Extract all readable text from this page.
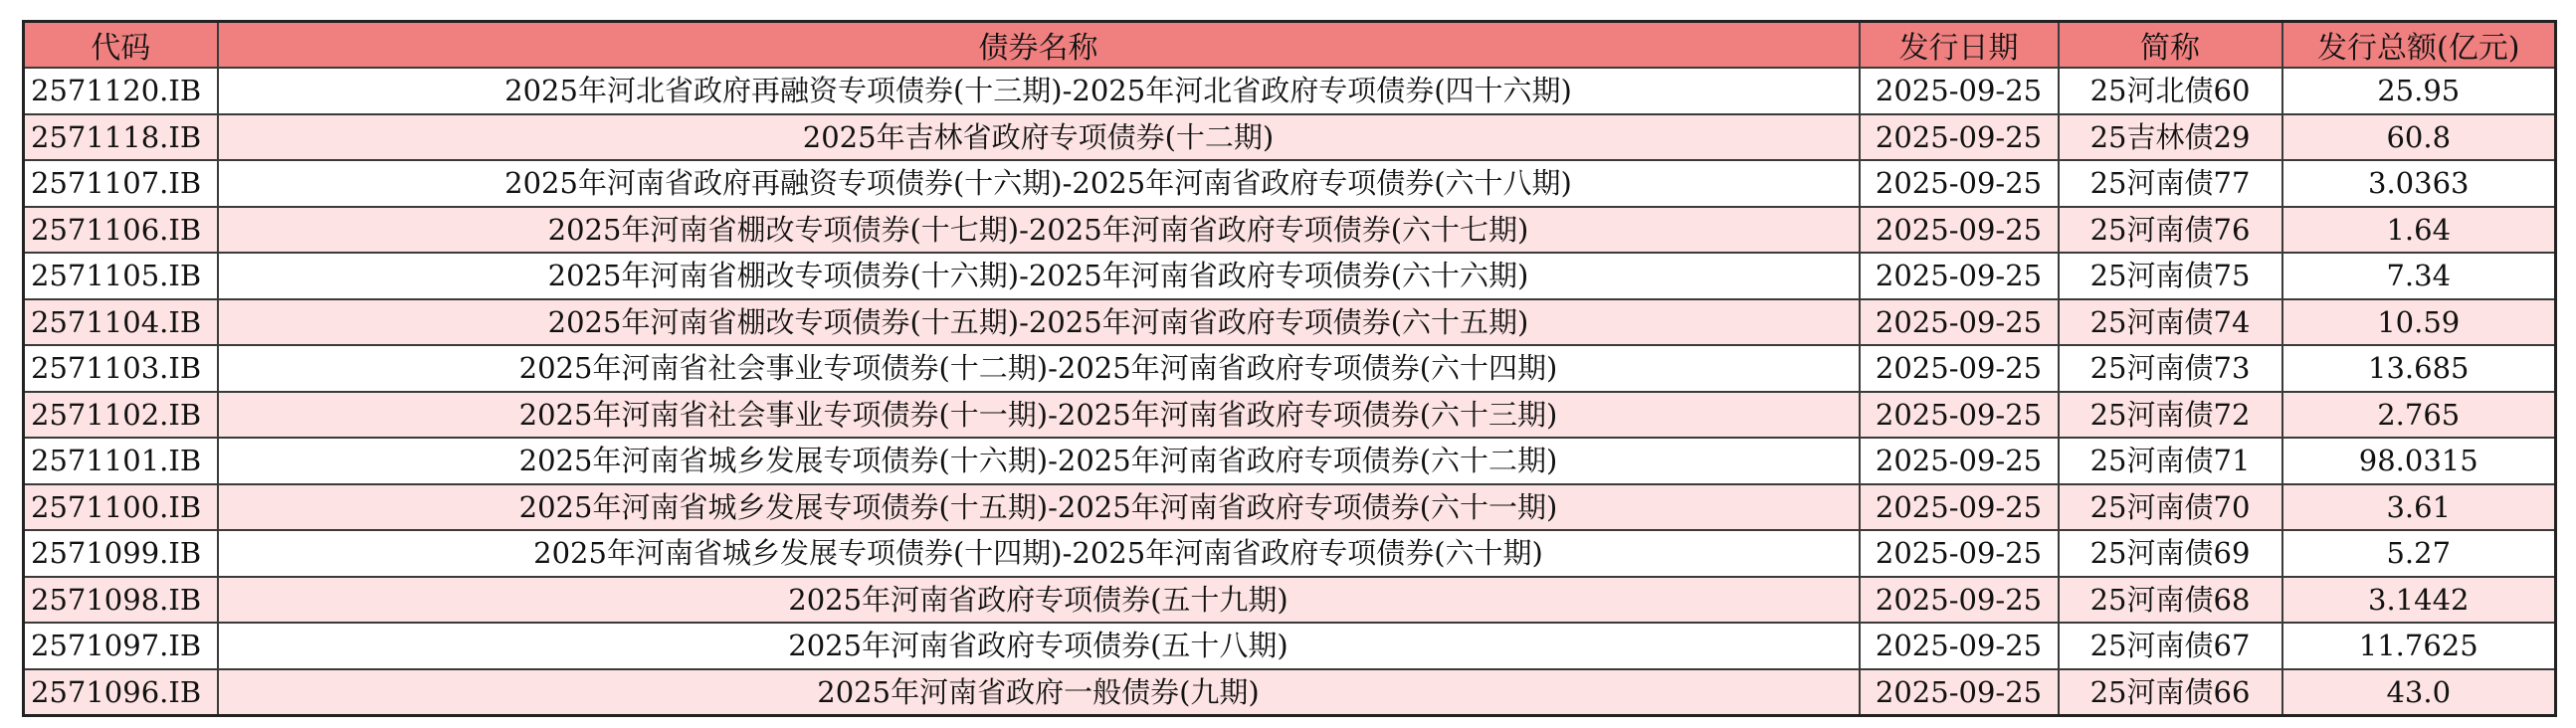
代码	债券名称	发行日期	简称	发行总额(亿元)
2571120.IB	2025年河北省政府再融资专项债券(十三期)-2025年河北省政府专项债券(四十六期)	2025-09-25	25河北债60	25.95
2571118.IB	2025年吉林省政府专项债券(十二期)	2025-09-25	25吉林债29	60.8
2571107.IB	2025年河南省政府再融资专项债券(十六期)-2025年河南省政府专项债券(六十八期)	2025-09-25	25河南债77	3.0363
2571106.IB	2025年河南省棚改专项债券(十七期)-2025年河南省政府专项债券(六十七期)	2025-09-25	25河南债76	1.64
2571105.IB	2025年河南省棚改专项债券(十六期)-2025年河南省政府专项债券(六十六期)	2025-09-25	25河南债75	7.34
2571104.IB	2025年河南省棚改专项债券(十五期)-2025年河南省政府专项债券(六十五期)	2025-09-25	25河南债74	10.59
2571103.IB	2025年河南省社会事业专项债券(十二期)-2025年河南省政府专项债券(六十四期)	2025-09-25	25河南债73	13.685
2571102.IB	2025年河南省社会事业专项债券(十一期)-2025年河南省政府专项债券(六十三期)	2025-09-25	25河南债72	2.765
2571101.IB	2025年河南省城乡发展专项债券(十六期)-2025年河南省政府专项债券(六十二期)	2025-09-25	25河南债71	98.0315
2571100.IB	2025年河南省城乡发展专项债券(十五期)-2025年河南省政府专项债券(六十一期)	2025-09-25	25河南债70	3.61
2571099.IB	2025年河南省城乡发展专项债券(十四期)-2025年河南省政府专项债券(六十期)	2025-09-25	25河南债69	5.27
2571098.IB	2025年河南省政府专项债券(五十九期)	2025-09-25	25河南债68	3.1442
2571097.IB	2025年河南省政府专项债券(五十八期)	2025-09-25	25河南债67	11.7625
2571096.IB	2025年河南省政府一般债券(九期)	2025-09-25	25河南债66	43.0
